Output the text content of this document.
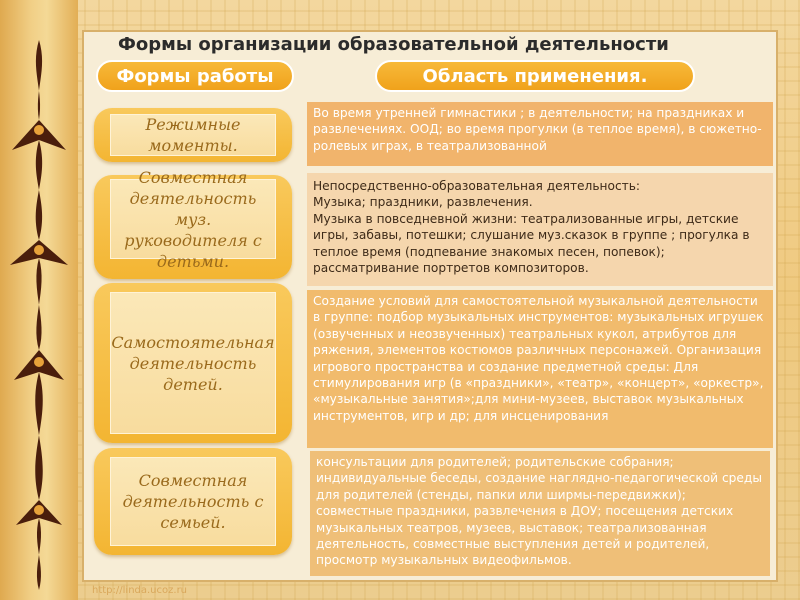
Формы организации образовательной деятельности
Формы работы	Область применения.
Режимные моменты.
Совместная деятельность муз. руководителя с детьми.
Самостоятельная деятельность детей.
Совместная деятельность с семьей.
Во время утренней гимнастики ; в деятельности; на праздниках и развлечениях. ООД; во время прогулки (в теплое время), в сюжетно-ролевых играх, в театрализованной
Непосредственно-образовательная деятельность:
Музыка; праздники, развлечения.
Музыка в повседневной жизни: театрализованные игры, детские игры, забавы, потешки; слушание муз.сказок в группе ; прогулка в теплое время (подпевание знакомых песен, попевок); рассматривание портретов композиторов.
Создание условий для самостоятельной музыкальной деятельности в группе: подбор музыкальных инструментов: музыкальных игрушек (озвученных и неозвученных) театральных кукол, атрибутов для ряжения, элементов костюмов различных персонажей. Организация игрового пространства и создание предметной среды: Для стимулирования игр (в «праздники», «театр», «концерт», «оркестр», «музыкальные занятия»;для мини-музеев, выставок музыкальных инструментов, игр и др; для инсценирования
консультации для родителей; родительские собрания; индивидуальные беседы, создание наглядно-педагогической среды для родителей (стенды, папки или ширмы-передвижки); совместные праздники, развлечения в ДОУ; посещения детских музыкальных театров, музеев, выставок; театрализованная деятельность, совместные выступления детей и родителей, просмотр музыкальных видеофильмов.
http://linda.ucoz.ru
